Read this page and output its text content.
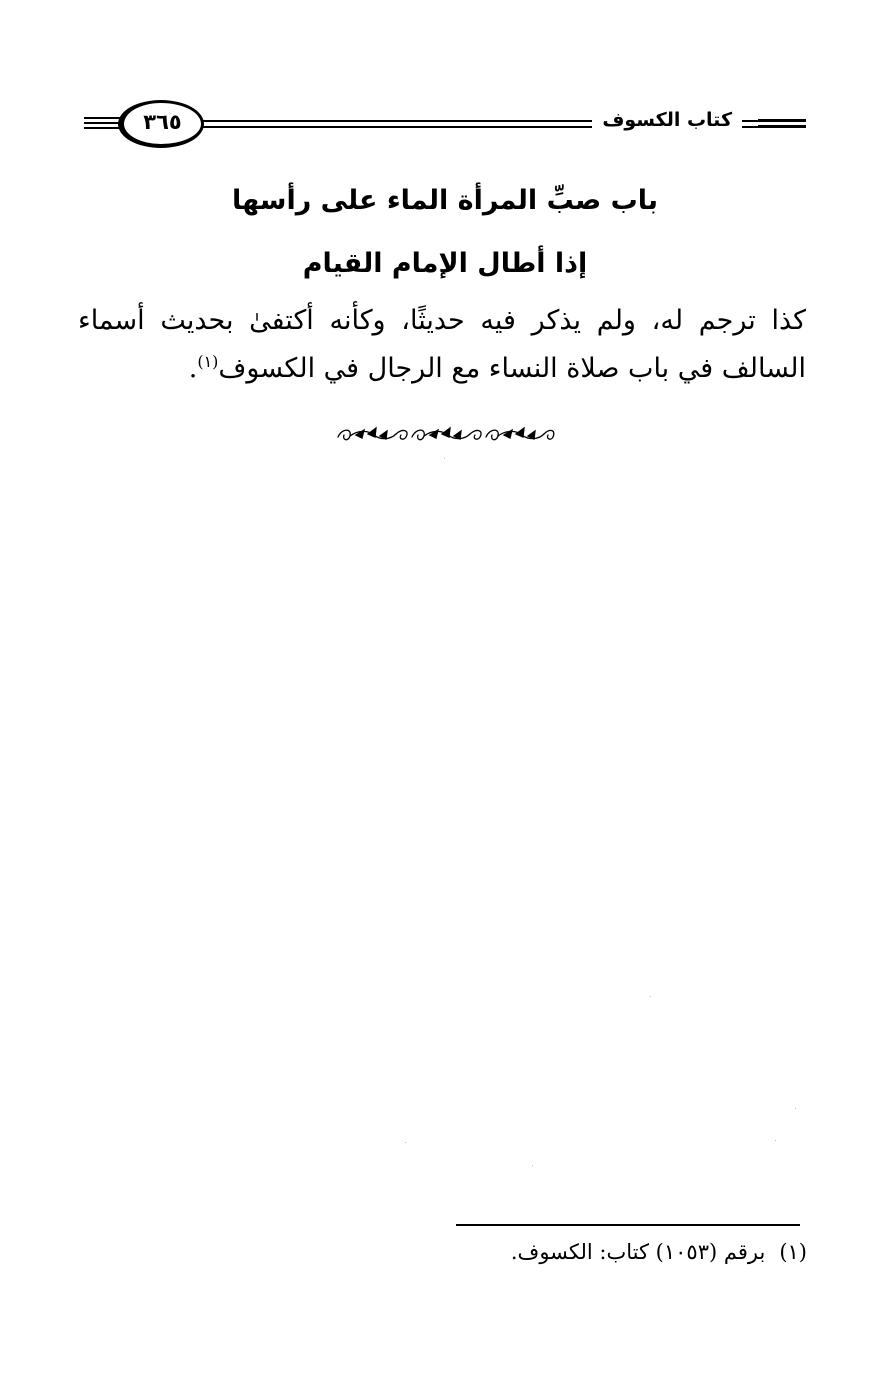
٣٦٥	كتاب الكسوف
باب صبِّ المرأة الماء على رأسها
إذا أطال الإمام القيام

كذا ترجم له، ولم يذكر فيه حديثًا، وكأنه أكتفىٰ بحديث أسماء السالف في باب صلاة النساء مع الرجال في الكسوف$^{(١)}$.

(١)برقم (١٠٥٣) كتاب: الكسوف.
